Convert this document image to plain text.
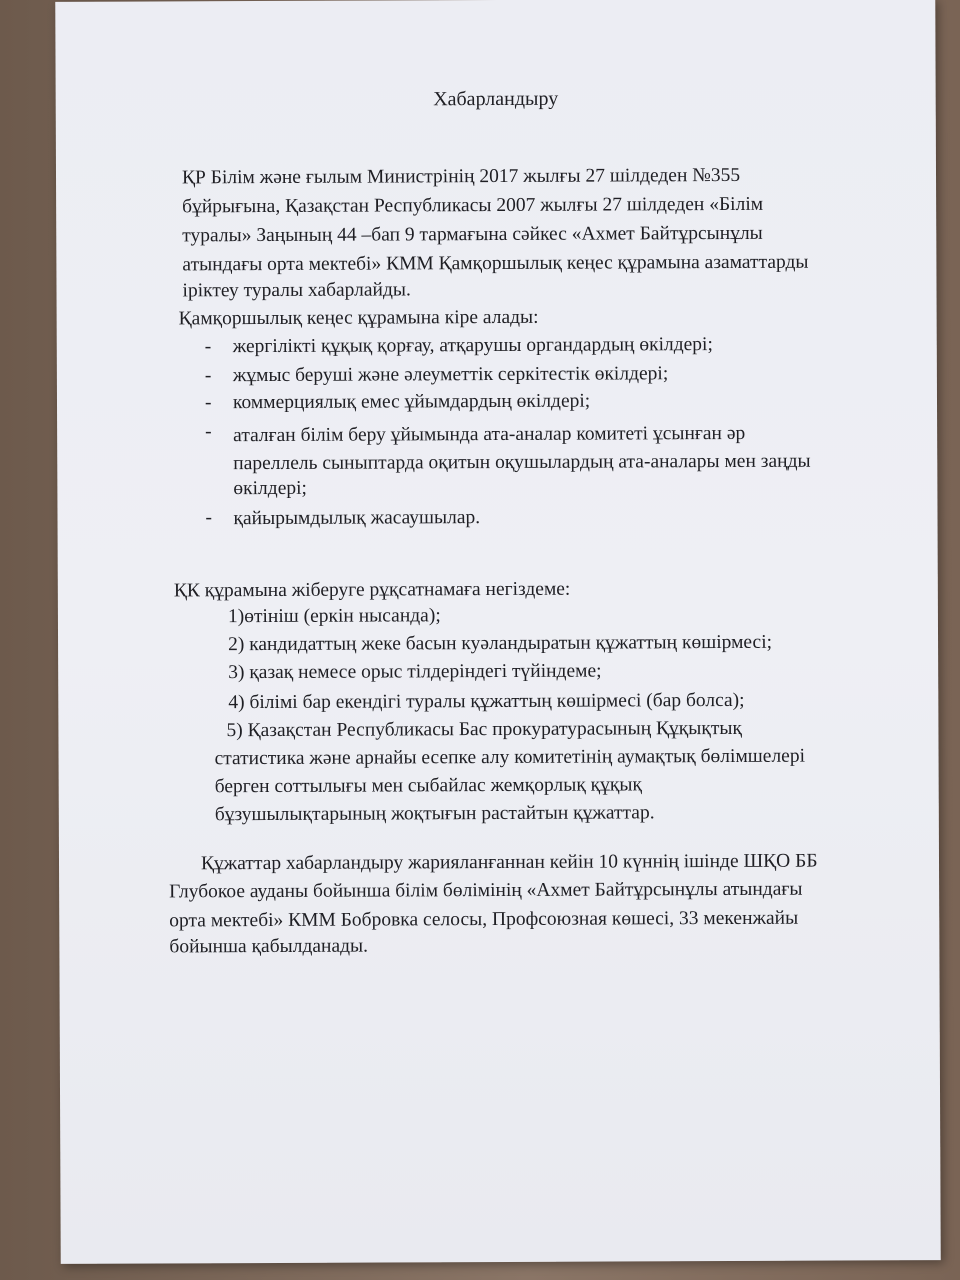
Хабарландыру
ҚР Білім және ғылым Министрінің 2017 жылғы 27 шілдеден №355
бұйрығына, Қазақстан Республикасы 2007 жылғы 27 шілдеден «Білім
туралы» Заңының 44 –бап 9 тармағына сәйкес «Ахмет Байтұрсынұлы
атындағы орта мектебі» КММ Қамқоршылық кеңес құрамына азаматтарды
іріктеу туралы хабарлайды.
Қамқоршылық кеңес құрамына кіре алады:
- жергілікті құқық қорғау, атқарушы органдардың өкілдері;
- жұмыс беруші және әлеуметтік серкітестік өкілдері;
- коммерциялық емес ұйымдардың өкілдері;
- аталған білім беру ұйымында ата-аналар комитеті ұсынған әр
пареллель сыныптарда оқитын оқушылардың ата-аналары мен заңды
өкілдері;
- қайырымдылық жасаушылар.
ҚК құрамына жіберуге рұқсатнамаға негіздеме:
1)өтініш (еркін нысанда);
2) кандидаттың жеке басын куәландыратын құжаттың көшірмесі;
3) қазақ немесе орыс тілдеріндегі түйіндеме;
4) білімі бар екендігі туралы құжаттың көшірмесі (бар болса);
5) Қазақстан Республикасы Бас прокуратурасының Құқықтық
статистика және арнайы есепке алу комитетінің аумақтық бөлімшелері
берген соттылығы мен сыбайлас жемқорлық құқық
бұзушылықтарының жоқтығын растайтын құжаттар.
Құжаттар хабарландыру жарияланғаннан кейін 10 күннің ішінде ШҚО ББ
Глубокое ауданы бойынша білім бөлімінің «Ахмет Байтұрсынұлы атындағы
орта мектебі» КММ Бобровка селосы, Профсоюзная көшесі, 33 мекенжайы
бойынша қабылданады.
